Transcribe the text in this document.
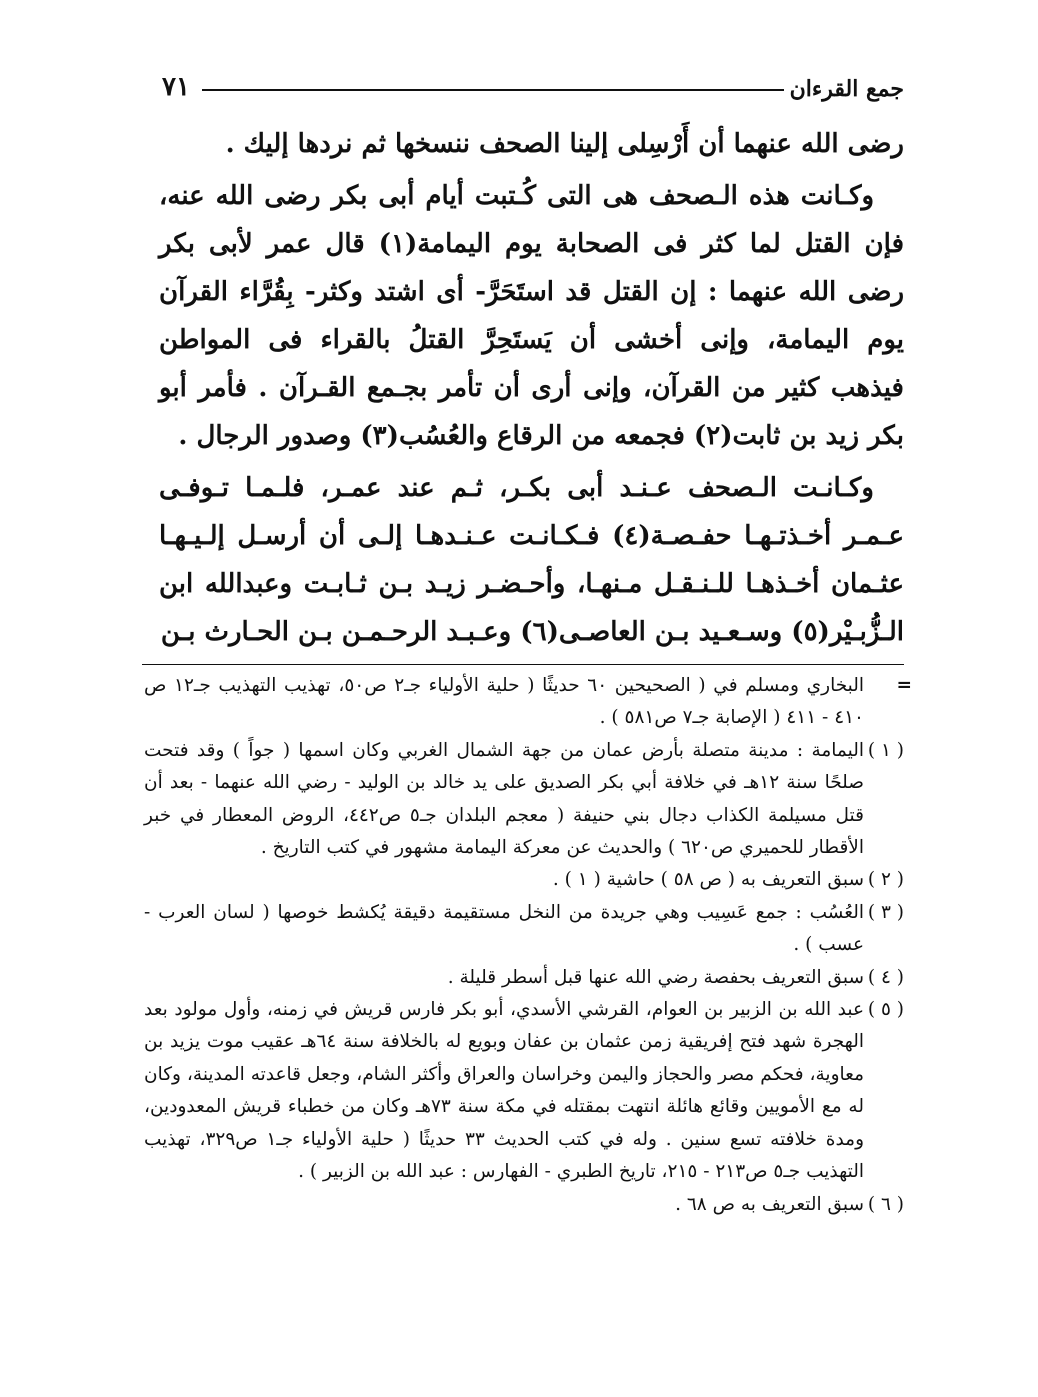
٧١	جمع القرءان

رضى الله عنهما أن أَرْسِلى إلينا الصحف ننسخها ثم نردها إليك .

وكـانت هذه الـصحف هى التى كُـتبت أيام أبى بكر رضى الله عنه، فإن القتل لما كثر فى الصحابة يوم اليمامة(١) قال عمر لأبى بكر رضى الله عنهما : إن القتل قد استَحَرَّ- أى اشتد وكثر- بِقُرَّاء القرآن يوم اليمامة، وإنى أخشى أن يَستَحِرَّ القتلُ بالقراء فى المواطن فيذهب كثير من القرآن، وإنى أرى أن تأمر بجـمع القـرآن . فأمر أبو بكر زيد بن ثابت(٢) فجمعه من الرقاع والعُسُب(٣) وصدور الرجال .

وكـانـت الـصحف عـنـد أبى بكـر، ثـم عند عمـر، فلـمـا تـوفـى عـمـر أخـذتـهـا حفـصـة(٤) فـكـانـت عـنـدهـا إلـى أن أرسـل إلـيـهـا عثـمان أخـذهـا للـنـقـل مـنهـا، وأحـضـر زيـد بـن ثـابـت وعبدالله ابن الـزُّبـيْر(٥) وسـعـيد بـن العاصـى(٦) وعـبـد الرحـمـن بـن الحـارث بـن

=
البخاري ومسلم في ( الصحيحين ٦٠ حديثًا ( حلية الأولياء جـ٢ ص٥٠، تهذيب التهذيب جـ١٢ ص ٤١٠ - ٤١١ ( الإصابة جـ٧ ص٥٨١ ) .
( ١ )
اليمامة : مدينة متصلة بأرض عمان من جهة الشمال الغربي وكان اسمها ( جواً ) وقد فتحت صلحًا سنة ١٢هـ في خلافة أبي بكر الصديق على يد خالد بن الوليد - رضي الله عنهما - بعد أن قتل مسيلمة الكذاب دجال بني حنيفة ( معجم البلدان جـ٥ ص٤٤٢، الروض المعطار في خبر الأقطار للحميري ص٦٢٠ ) والحديث عن معركة اليمامة مشهور في كتب التاريخ .
( ٢ )
سبق التعريف به ( ص ٥٨ ) حاشية ( ١ ) .
( ٣ )
العُسُب : جمع عَسِيب وهي جريدة من النخل مستقيمة دقيقة يُكشط خوصها ( لسان العرب - عسب ) .
( ٤ )
سبق التعريف بحفصة رضي الله عنها قبل أسطر قليلة .
( ٥ )
عبد الله بن الزبير بن العوام، القرشي الأسدي، أبو بكر فارس قريش في زمنه، وأول مولود بعد الهجرة شهد فتح إفريقية زمن عثمان بن عفان وبويع له بالخلافة سنة ٦٤هـ عقيب موت يزيد بن معاوية، فحكم مصر والحجاز واليمن وخراسان والعراق وأكثر الشام، وجعل قاعدته المدينة، وكان له مع الأمويين وقائع هائلة انتهت بمقتله في مكة سنة ٧٣هـ وكان من خطباء قريش المعدودين، ومدة خلافته تسع سنين . وله في كتب الحديث ٣٣ حديثًا ( حلية الأولياء جـ١ ص٣٢٩، تهذيب التهذيب جـ٥ ص٢١٣ - ٢١٥، تاريخ الطبري - الفهارس : عبد الله بن الزبير ) .
( ٦ )
سبق التعريف به ص ٦٨ .
